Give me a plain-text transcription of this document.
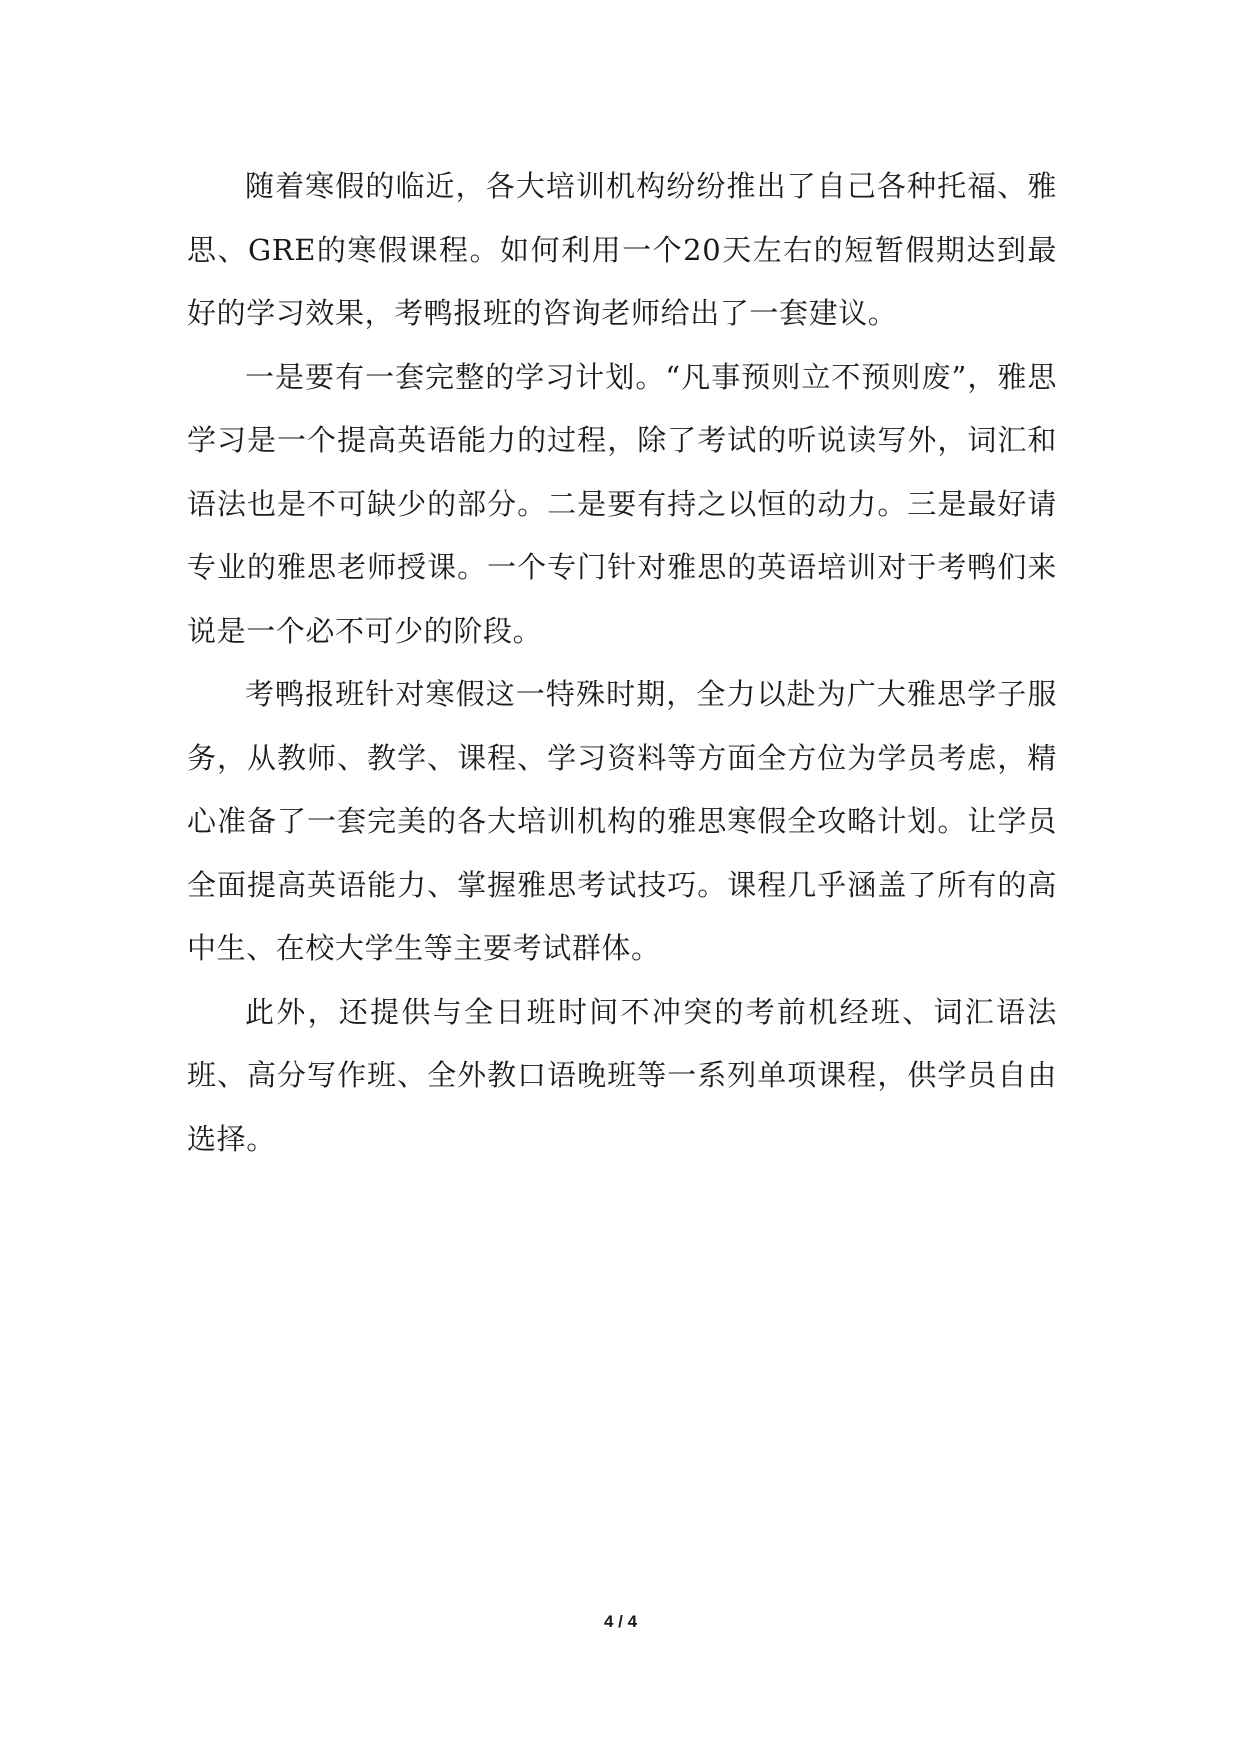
随着寒假的临近，各大培训机构纷纷推出了自己各种托福、雅思、GRE的寒假课程。如何利用一个20天左右的短暂假期达到最好的学习效果，考鸭报班的咨询老师给出了一套建议。

一是要有一套完整的学习计划。“凡事预则立不预则废”，雅思学习是一个提高英语能力的过程，除了考试的听说读写外，词汇和语法也是不可缺少的部分。二是要有持之以恒的动力。三是最好请专业的雅思老师授课。一个专门针对雅思的英语培训对于考鸭们来说是一个必不可少的阶段。

考鸭报班针对寒假这一特殊时期，全力以赴为广大雅思学子服务，从教师、教学、课程、学习资料等方面全方位为学员考虑，精心准备了一套完美的各大培训机构的雅思寒假全攻略计划。让学员全面提高英语能力、掌握雅思考试技巧。课程几乎涵盖了所有的高中生、在校大学生等主要考试群体。

此外，还提供与全日班时间不冲突的考前机经班、词汇语法班、高分写作班、全外教口语晚班等一系列单项课程，供学员自由选择。

4 / 4
